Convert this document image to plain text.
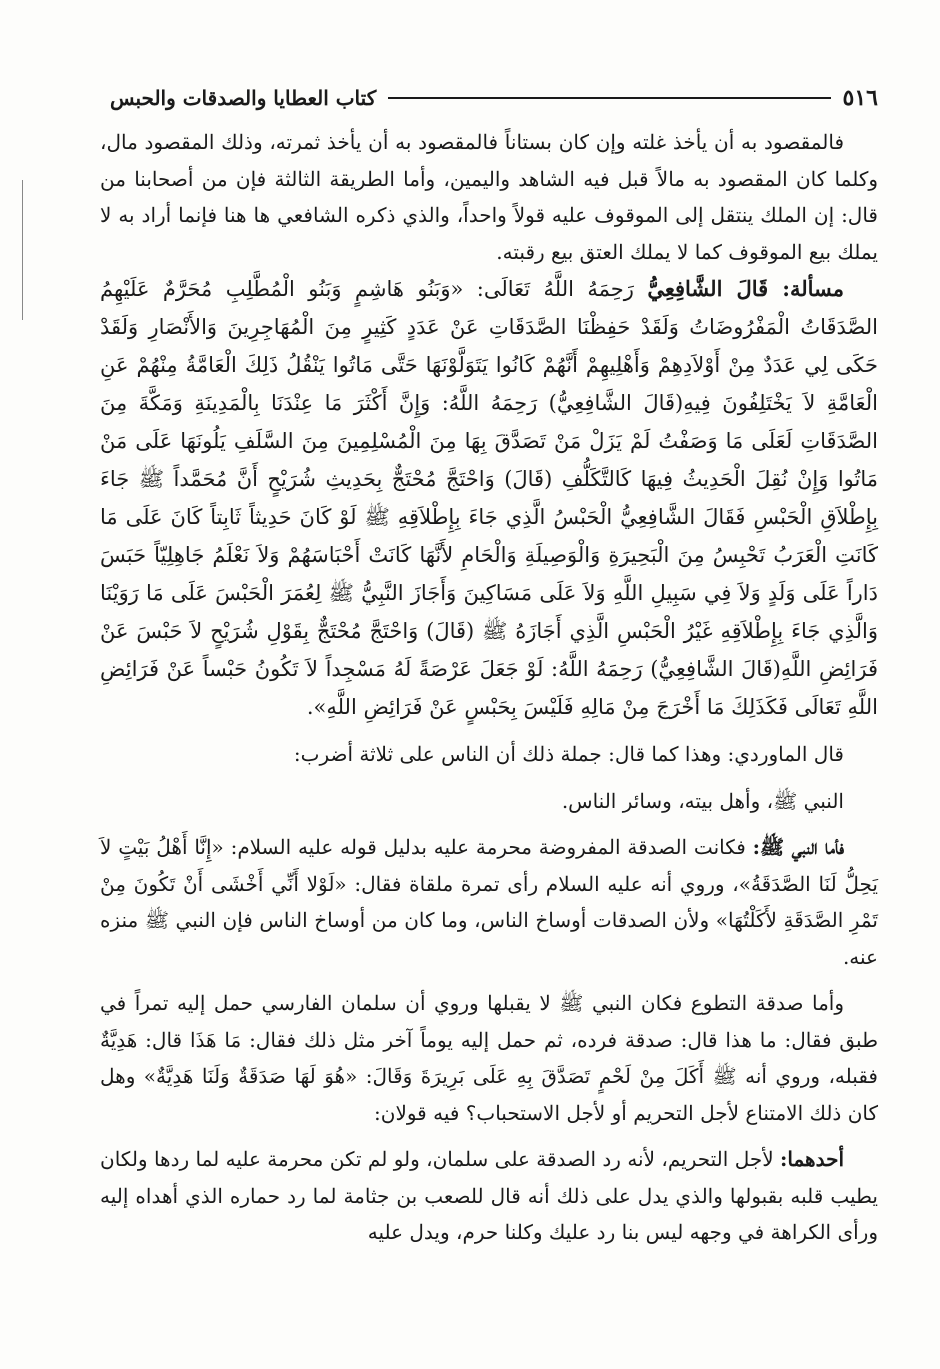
٥١٦
كتاب العطايا والصدقات والحبس

فالمقصود به أن يأخذ غلته وإن كان بستاناً فالمقصود به أن يأخذ ثمرته، وذلك المقصود مال، وكلما كان المقصود به مالاً قبل فيه الشاهد واليمين، وأما الطريقة الثالثة فإن من أصحابنا من قال: إن الملك ينتقل إلى الموقوف عليه قولاً واحداً، والذي ذكره الشافعي ها هنا فإنما أراد به لا يملك بيع الموقوف كما لا يملك العتق بيع رقبته.

مسألة: قَالَ الشَّافِعِيُّ رَحِمَهُ اللَّهُ تَعَالَى: «وَبَنُو هَاشِمٍ وَبَنُو الْمُطَّلِبِ مُحَرَّمٌ عَلَيْهِمُ الصَّدَقَاتُ الْمَفْرُوضَاتُ وَلَقَدْ حَفِظْنَا الصَّدَقَاتِ عَنْ عَدَدٍ كَثِيرٍ مِنَ الْمُهَاجِرِينَ وَالأَنْصَارِ وَلَقَدْ حَكَى لِي عَدَدٌ مِنْ أَوْلاَدِهِمْ وَأَهْلِيهِمْ أَنَّهُمْ كَانُوا يَتَوَلَّوْنَهَا حَتَّى مَاتُوا يَنْقُلُ ذَلِكَ الْعَامَّةُ مِنْهُمْ عَنِ الْعَامَّةِ لاَ يَخْتَلِفُونَ فِيهِ(قَالَ الشَّافِعِيُّ) رَحِمَهُ اللَّهُ: وَإِنَّ أَكْثَرَ مَا عِنْدَنَا بِالْمَدِينَةِ وَمَكَّةَ مِنَ الصَّدَقَاتِ لَعَلَى مَا وَصَفْتُ لَمْ يَزَلْ مَنْ تَصَدَّقَ بِهَا مِنَ الْمُسْلِمِينَ مِنَ السَّلَفِ يَلُونَهَا عَلَى مَنْ مَاتُوا وَإِنْ نُقِلَ الْحَدِيثُ فِيهَا كَالتَّكَلُّفِ (قَالَ) وَاحْتَجَّ مُحْتَجٌّ بِحَدِيثِ شُرَيْحٍ أَنَّ مُحَمَّداً ﷺ جَاءَ بِإِطْلاَقِ الْحَبْسِ فَقَالَ الشَّافِعِيُّ الْحَبْسُ الَّذِي جَاءَ بِإِطْلاَقِهِ ﷺ لَوْ كَانَ حَدِيثاً ثَابِتاً كَانَ عَلَى مَا كَانَتِ الْعَرَبُ تَحْبِسُ مِنَ الْبَحِيرَةِ وَالْوَصِيلَةِ وَالْحَامِ لأَنَّهَا كَانَتْ أَحْبَاسَهُمْ وَلاَ نَعْلَمُ جَاهِلِيّاً حَبَسَ دَاراً عَلَى وَلَدٍ وَلاَ فِي سَبِيلِ اللَّهِ وَلاَ عَلَى مَسَاكِينَ وَأَجَازَ النَّبِيُّ ﷺ لِعُمَرَ الْحَبْسَ عَلَى مَا رَوَيْنَا وَالَّذِي جَاءَ بِإِطْلاَقِهِ غَيْرُ الْحَبْسِ الَّذِي أَجَازَهُ ﷺ (قَالَ) وَاحْتَجَّ مُحْتَجٌّ بِقَوْلِ شُرَيْحٍ لاَ حَبْسَ عَنْ فَرَائِضِ اللَّهِ(قَالَ الشَّافِعِيُّ) رَحِمَهُ اللَّهُ: لَوْ جَعَلَ عَرْصَةً لَهُ مَسْجِداً لاَ تَكُونُ حَبْساً عَنْ فَرَائِضِ اللَّهِ تَعَالَى فَكَذَلِكَ مَا أَخْرَجَ مِنْ مَالِهِ فَلَيْسَ بِحَبْسٍ عَنْ فَرَائِضِ اللَّهِ».

قال الماوردي: وهذا كما قال: جملة ذلك أن الناس على ثلاثة أضرب:

النبي ﷺ، وأهل بيته، وسائر الناس.

فأما النبي ﷺ: فكانت الصدقة المفروضة محرمة عليه بدليل قوله عليه السلام: «إِنَّا أَهْلُ بَيْتٍ لاَ يَحِلُّ لَنَا الصَّدَقَةُ»، وروي أنه عليه السلام رأى تمرة ملقاة فقال: «لَوْلا أَنِّي أَخْشَى أَنْ تَكُونَ مِنْ تَمْرِ الصَّدَقَةِ لأَكَلْتُهَا» ولأن الصدقات أوساخ الناس، وما كان من أوساخ الناس فإن النبي ﷺ منزه عنه.

وأما صدقة التطوع فكان النبي ﷺ لا يقبلها وروي أن سلمان الفارسي حمل إليه تمراً في طبق فقال: ما هذا قال: صدقة فرده، ثم حمل إليه يوماً آخر مثل ذلك فقال: مَا هَذَا قال: هَدِيَّةٌ فقبله، وروي أنه ﷺ أَكَلَ مِنْ لَحْمٍ تَصَدَّقَ بِهِ عَلَى بَرِيرَةَ وَقَالَ: «هُوَ لَهَا صَدَقَةٌ وَلَنَا هَدِيَّةٌ» وهل كان ذلك الامتناع لأجل التحريم أو لأجل الاستحباب؟ فيه قولان:

أحدهما: لأجل التحريم، لأنه رد الصدقة على سلمان، ولو لم تكن محرمة عليه لما ردها ولكان يطيب قلبه بقبولها والذي يدل على ذلك أنه قال للصعب بن جثامة لما رد حماره الذي أهداه إليه ورأى الكراهة في وجهه ليس بنا رد عليك وكلنا حرم، ويدل عليه
